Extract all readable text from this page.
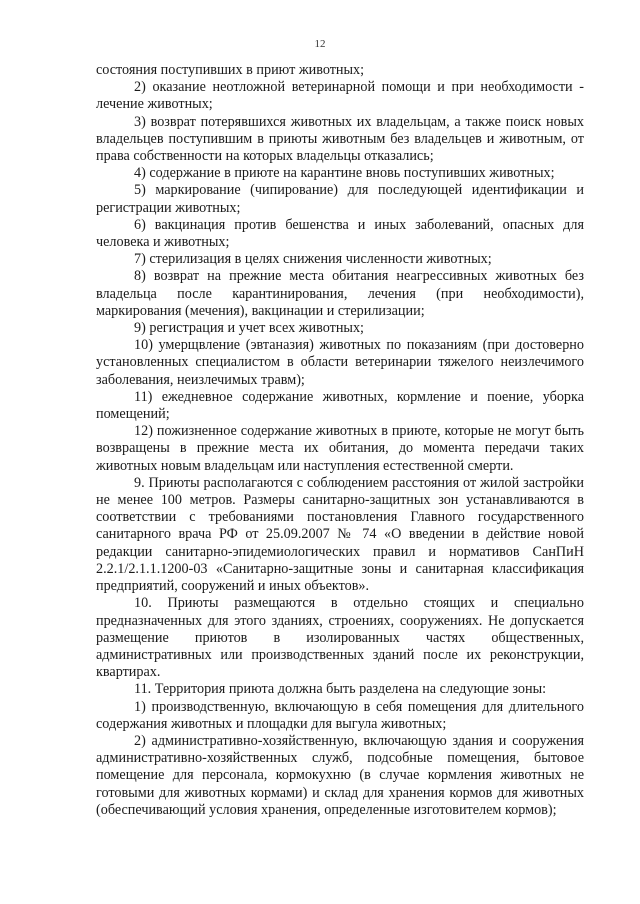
12

состояния поступивших в приют животных;

2) оказание неотложной ветеринарной помощи и при необходимости - лечение животных;

3) возврат потерявшихся животных их владельцам, а также поиск новых владельцев поступившим в приюты животным без владельцев и животным, от права собственности на которых владельцы отказались;

4) содержание в приюте на карантине вновь поступивших животных;

5) маркирование (чипирование) для последующей идентификации и регистрации животных;

6) вакцинация против бешенства и иных заболеваний, опасных для человека и животных;

7) стерилизация в целях снижения численности животных;

8) возврат на прежние места обитания неагрессивных животных без владельца после карантинирования, лечения (при необходимости), маркирования (мечения), вакцинации и стерилизации;

9) регистрация и учет всех животных;

10) умерщвление (эвтаназия) животных по показаниям (при достоверно установленных специалистом в области ветеринарии тяжелого неизлечимого заболевания, неизлечимых травм);

11) ежедневное содержание животных, кормление и поение, уборка помещений;

12) пожизненное содержание животных в приюте, которые не могут быть возвращены в прежние места их обитания, до момента передачи таких животных новым владельцам или наступления естественной смерти.

9. Приюты располагаются с соблюдением расстояния от жилой застройки не менее 100 метров. Размеры санитарно-защитных зон устанавливаются в соответствии с требованиями постановления Главного государственного санитарного врача РФ от 25.09.2007 № 74 «О введении в действие новой редакции санитарно-эпидемиологических правил и нормативов СанПиН 2.2.1/2.1.1.1200-03 «Санитарно-защитные зоны и санитарная классификация предприятий, сооружений и иных объектов».

10. Приюты размещаются в отдельно стоящих и специально предназначенных для этого зданиях, строениях, сооружениях. Не допускается размещение приютов в изолированных частях общественных, административных или производственных зданий после их реконструкции, квартирах.

11. Территория приюта должна быть разделена на следующие зоны:

1) производственную, включающую в себя помещения для длительного содержания животных и площадки для выгула животных;

2) административно-хозяйственную, включающую здания и сооружения административно-хозяйственных служб, подсобные помещения, бытовое помещение для персонала, кормокухню (в случае кормления животных не готовыми для животных кормами) и склад для хранения кормов для животных (обеспечивающий условия хранения, определенные изготовителем кормов);
